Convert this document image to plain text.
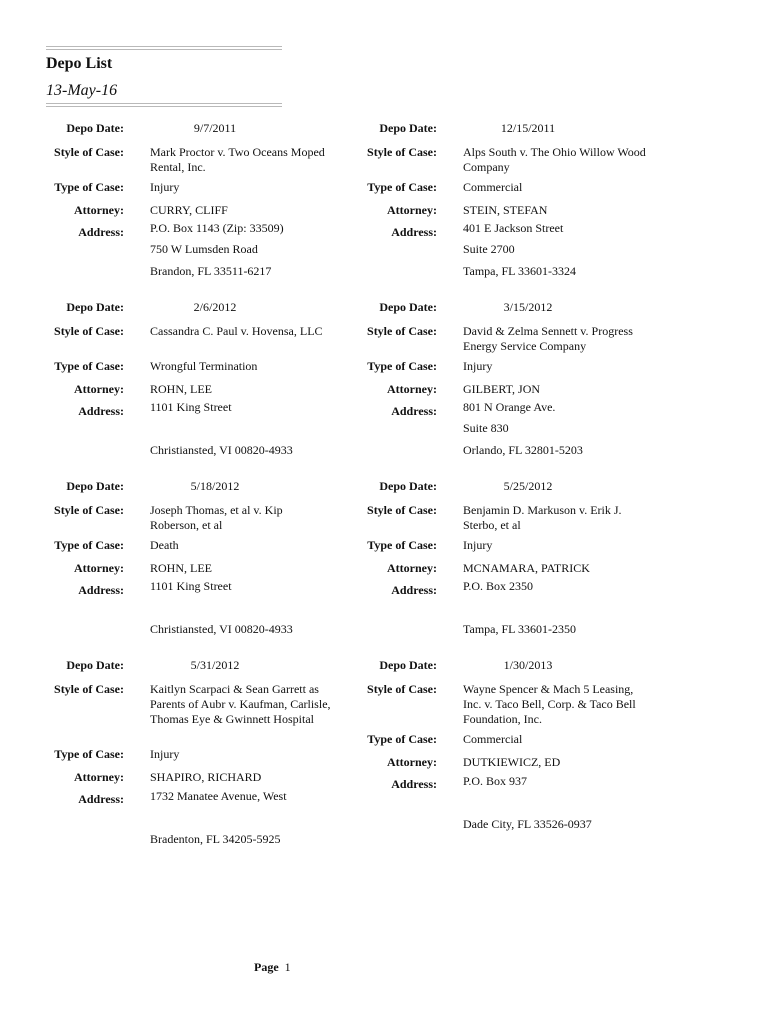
Depo List
13-May-16
Depo Date:	9/7/2011
Style of Case: Mark Proctor v. Two Oceans Moped Rental, Inc.
Type of Case: Injury
Attorney: CURRY, CLIFF
Address: P.O. Box 1143 (Zip: 33509)
750 W Lumsden Road
Brandon, FL 33511-6217
Depo Date:	12/15/2011
Style of Case: Alps South v. The Ohio Willow Wood Company
Type of Case: Commercial
Attorney: STEIN, STEFAN
Address: 401 E Jackson Street
Suite 2700
Tampa, FL 33601-3324
Depo Date:	2/6/2012
Style of Case: Cassandra C. Paul v. Hovensa, LLC
Type of Case: Wrongful Termination
Attorney: ROHN, LEE
Address: 1101 King Street
Christiansted, VI 00820-4933
Depo Date:	3/15/2012
Style of Case: David & Zelma Sennett v. Progress Energy Service Company
Type of Case: Injury
Attorney: GILBERT, JON
Address: 801 N Orange Ave.
Suite 830
Orlando, FL 32801-5203
Depo Date:	5/18/2012
Style of Case: Joseph Thomas, et al v. Kip Roberson, et al
Type of Case: Death
Attorney: ROHN, LEE
Address: 1101 King Street
Christiansted, VI 00820-4933
Depo Date:	5/25/2012
Style of Case: Benjamin D. Markuson v. Erik J. Sterbo, et al
Type of Case: Injury
Attorney: MCNAMARA, PATRICK
Address: P.O. Box 2350
Tampa, FL 33601-2350
Depo Date:	5/31/2012
Style of Case: Kaitlyn Scarpaci & Sean Garrett as Parents of Aubr v. Kaufman, Carlisle, Thomas Eye & Gwinnett Hospital
Type of Case: Injury
Attorney: SHAPIRO, RICHARD
Address: 1732 Manatee Avenue, West
Bradenton, FL 34205-5925
Depo Date:	1/30/2013
Style of Case: Wayne Spencer & Mach 5 Leasing, Inc. v. Taco Bell, Corp. & Taco Bell Foundation, Inc.
Type of Case: Commercial
Attorney: DUTKIEWICZ, ED
Address: P.O. Box 937
Dade City, FL 33526-0937
Page 1
